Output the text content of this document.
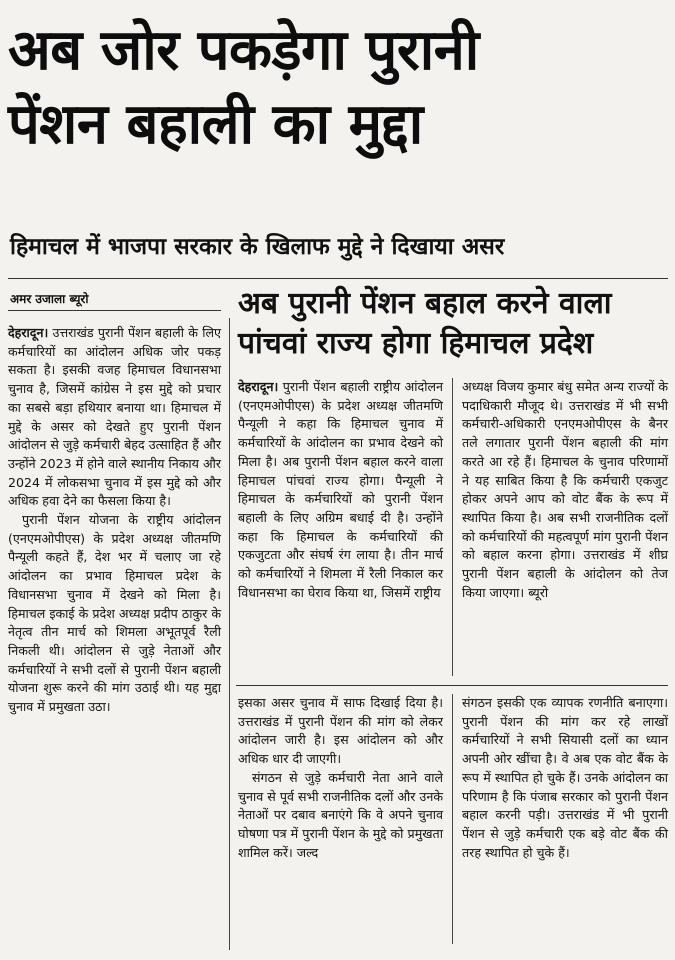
अब जोर पकड़ेगा पुरानी
पेंशन बहाली का मुद्दा
हिमाचल में भाजपा सरकार के खिलाफ मुद्दे ने दिखाया असर
अमर उजाला ब्यूरो

देहरादून। उत्तराखंड पुरानी पेंशन बहाली के लिए कर्मचारियों का आंदोलन अधिक जोर पकड़ सकता है। इसकी वजह हिमाचल विधानसभा चुनाव है, जिसमें कांग्रेस ने इस मुद्दे को प्रचार का सबसे बड़ा हथियार बनाया था। हिमाचल में मुद्दे के असर को देखते हुए पुरानी पेंशन आंदोलन से जुड़े कर्मचारी बेहद उत्साहित हैं और उन्होंने 2023 में होने वाले स्थानीय निकाय और 2024 में लोकसभा चुनाव में इस मुद्दे को और अधिक हवा देने का फैसला किया है।

पुरानी पेंशन योजना के राष्ट्रीय आंदोलन (एनएमओपीएस) के प्रदेश अध्यक्ष जीतमणि पैन्यूली कहते हैं, देश भर में चलाए जा रहे आंदोलन का प्रभाव हिमाचल प्रदेश के विधानसभा चुनाव में देखने को मिला है। हिमाचल इकाई के प्रदेश अध्यक्ष प्रदीप ठाकुर के नेतृत्व तीन मार्च को शिमला अभूतपूर्व रैली निकली थी। आंदोलन से जुड़े नेताओं और कर्मचारियों ने सभी दलों से पुरानी पेंशन बहाली योजना शुरू करने की मांग उठाई थी। यह मुद्दा चुनाव में प्रमुखता उठा।

अब पुरानी पेंशन बहाल करने वाला
पांचवां राज्य होगा हिमाचल प्रदेश

देहरादून। पुरानी पेंशन बहाली राष्ट्रीय आंदोलन (एनएमओपीएस) के प्रदेश अध्यक्ष जीतमणि पैन्यूली ने कहा कि हिमाचल चुनाव में कर्मचारियों के आंदोलन का प्रभाव देखने को मिला है। अब पुरानी पेंशन बहाल करने वाला हिमाचल पांचवां राज्य होगा। पैन्यूली ने हिमाचल के कर्मचारियों को पुरानी पेंशन बहाली के लिए अग्रिम बधाई दी है। उन्होंने कहा कि हिमाचल के कर्मचारियों की एकजुटता और संघर्ष रंग लाया है। तीन मार्च को कर्मचारियों ने शिमला में रैली निकाल कर विधानसभा का घेराव किया था, जिसमें राष्ट्रीय

अध्यक्ष विजय कुमार बंधु समेत अन्य राज्यों के पदाधिकारी मौजूद थे। उत्तराखंड में भी सभी कर्मचारी-अधिकारी एनएमओपीएस के बैनर तले लगातार पुरानी पेंशन बहाली की मांग करते आ रहे हैं। हिमाचल के चुनाव परिणामों ने यह साबित किया है कि कर्मचारी एकजुट होकर अपने आप को वोट बैंक के रूप में स्थापित किया है। अब सभी राजनीतिक दलों को कर्मचारियों की महत्वपूर्ण मांग पुरानी पेंशन को बहाल करना होगा। उत्तराखंड में शीघ्र पुरानी पेंशन बहाली के आंदोलन को तेज किया जाएगा। ब्यूरो

इसका असर चुनाव में साफ दिखाई दिया है। उत्तराखंड में पुरानी पेंशन की मांग को लेकर आंदोलन जारी है। इस आंदोलन को और अधिक धार दी जाएगी।

संगठन से जुड़े कर्मचारी नेता आने वाले चुनाव से पूर्व सभी राजनीतिक दलों और उनके नेताओं पर दबाव बनाएंगे कि वे अपने चुनाव घोषणा पत्र में पुरानी पेंशन के मुद्दे को प्रमुखता शामिल करें। जल्द

संगठन इसकी एक व्यापक रणनीति बनाएगा। पुरानी पेंशन की मांग कर रहे लाखों कर्मचारियों ने सभी सियासी दलों का ध्यान अपनी ओर खींचा है। वे अब एक वोट बैंक के रूप में स्थापित हो चुके हैं। उनके आंदोलन का परिणाम है कि पंजाब सरकार को पुरानी पेंशन बहाल करनी पड़ी। उत्तराखंड में भी पुरानी पेंशन से जुड़े कर्मचारी एक बड़े वोट बैंक की तरह स्थापित हो चुके हैं।
